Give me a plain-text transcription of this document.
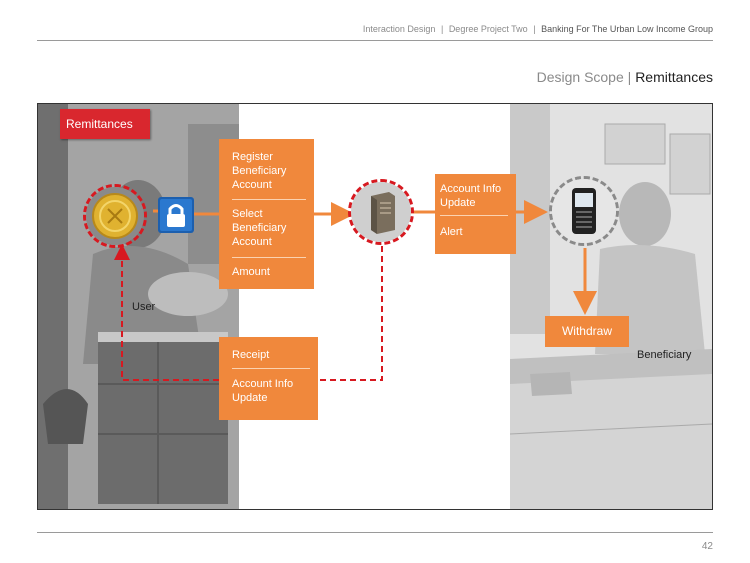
Interaction Design | Degree Project Two | Banking For The Urban Low Income Group
Design Scope | Remittances
Remittances
Register Beneficiary Account
Select Beneficiary Account
Amount
Account Info Update
Alert
Withdraw
Receipt
Account Info Update
User
Beneficiary
42
